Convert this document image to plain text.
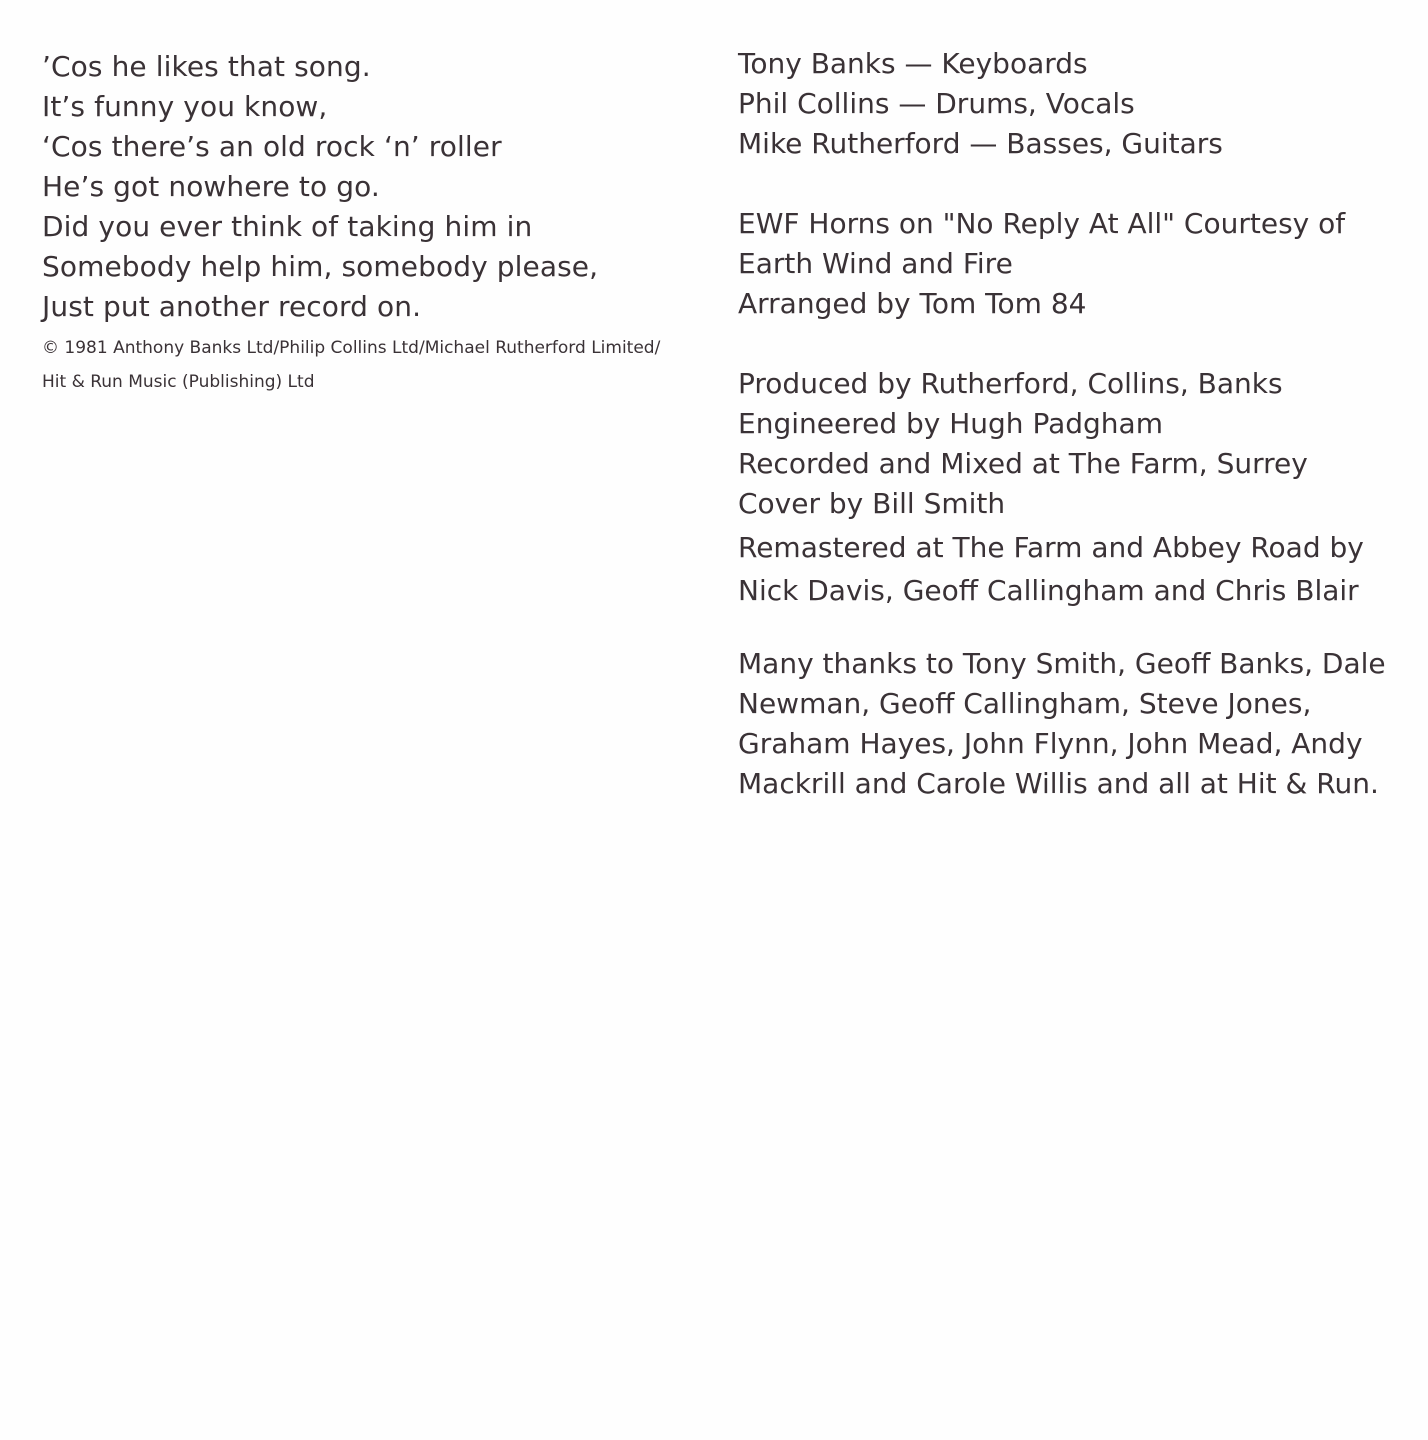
’Cos he likes that song.
It’s funny you know,
‘Cos there’s an old rock ‘n’ roller
He’s got nowhere to go.
Did you ever think of taking him in
Somebody help him, somebody please,
Just put another record on.
© 1981 Anthony Banks Ltd/Philip Collins Ltd/Michael Rutherford Limited/
Hit & Run Music (Publishing) Ltd
Tony Banks — Keyboards
Phil Collins — Drums, Vocals
Mike Rutherford — Basses, Guitars
EWF Horns on "No Reply At All" Courtesy of
Earth Wind and Fire
Arranged by Tom Tom 84
Produced by Rutherford, Collins, Banks
Engineered by Hugh Padgham
Recorded and Mixed at The Farm, Surrey
Cover by Bill Smith
Remastered at The Farm and Abbey Road by
Nick Davis, Geoff Callingham and Chris Blair
Many thanks to Tony Smith, Geoff Banks, Dale
Newman, Geoff Callingham, Steve Jones,
Graham Hayes, John Flynn, John Mead, Andy
Mackrill and Carole Willis and all at Hit & Run.
